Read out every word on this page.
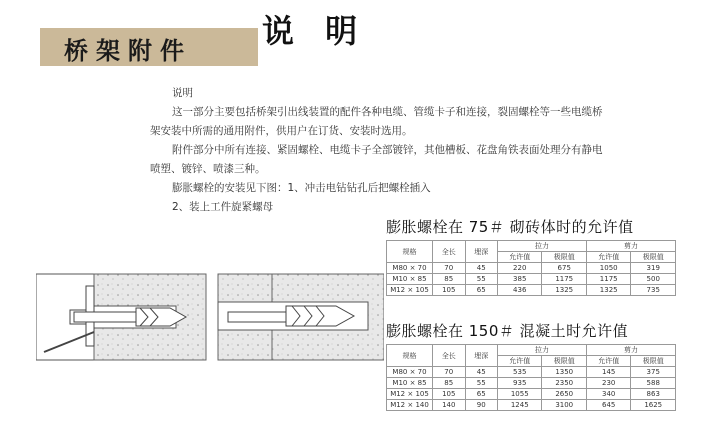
桥架附件
说 明
说明
这一部分主要包括桥架引出线装置的配件各种电缆、管缆卡子和连接，裂固螺栓等一些电缆桥
架安装中所需的通用附件，供用户在订货、安装时选用。
附件部分中所有连接、紧固螺栓、电缆卡子全部镀锌，其他槽板、花盘角铁表面处理分有静电
喷塑、镀锌、喷漆三种。
膨胀螺栓的安装见下图：1、冲击电钻钻孔后把螺栓插入
2、装上工件旋紧螺母
膨胀螺栓在 75＃ 砌砖体时的允许值
规格	全长	埋深	拉力		剪力	
			允许值	极限值	允许值	极限值
M80 × 70	70	45	220	675	1050	319
M10 × 85	85	55	385	1175	1175	500
M12 × 105	105	65	436	1325	1325	735
膨胀螺栓在 150＃ 混凝土时允许值
规格	全长	埋深	拉力		剪力	
			允许值	极限值	允许值	极限值
M80 × 70	70	45	535	1350	145	375
M10 × 85	85	55	935	2350	230	588
M12 × 105	105	65	1055	2650	340	863
M12 × 140	140	90	1245	3100	645	1625
